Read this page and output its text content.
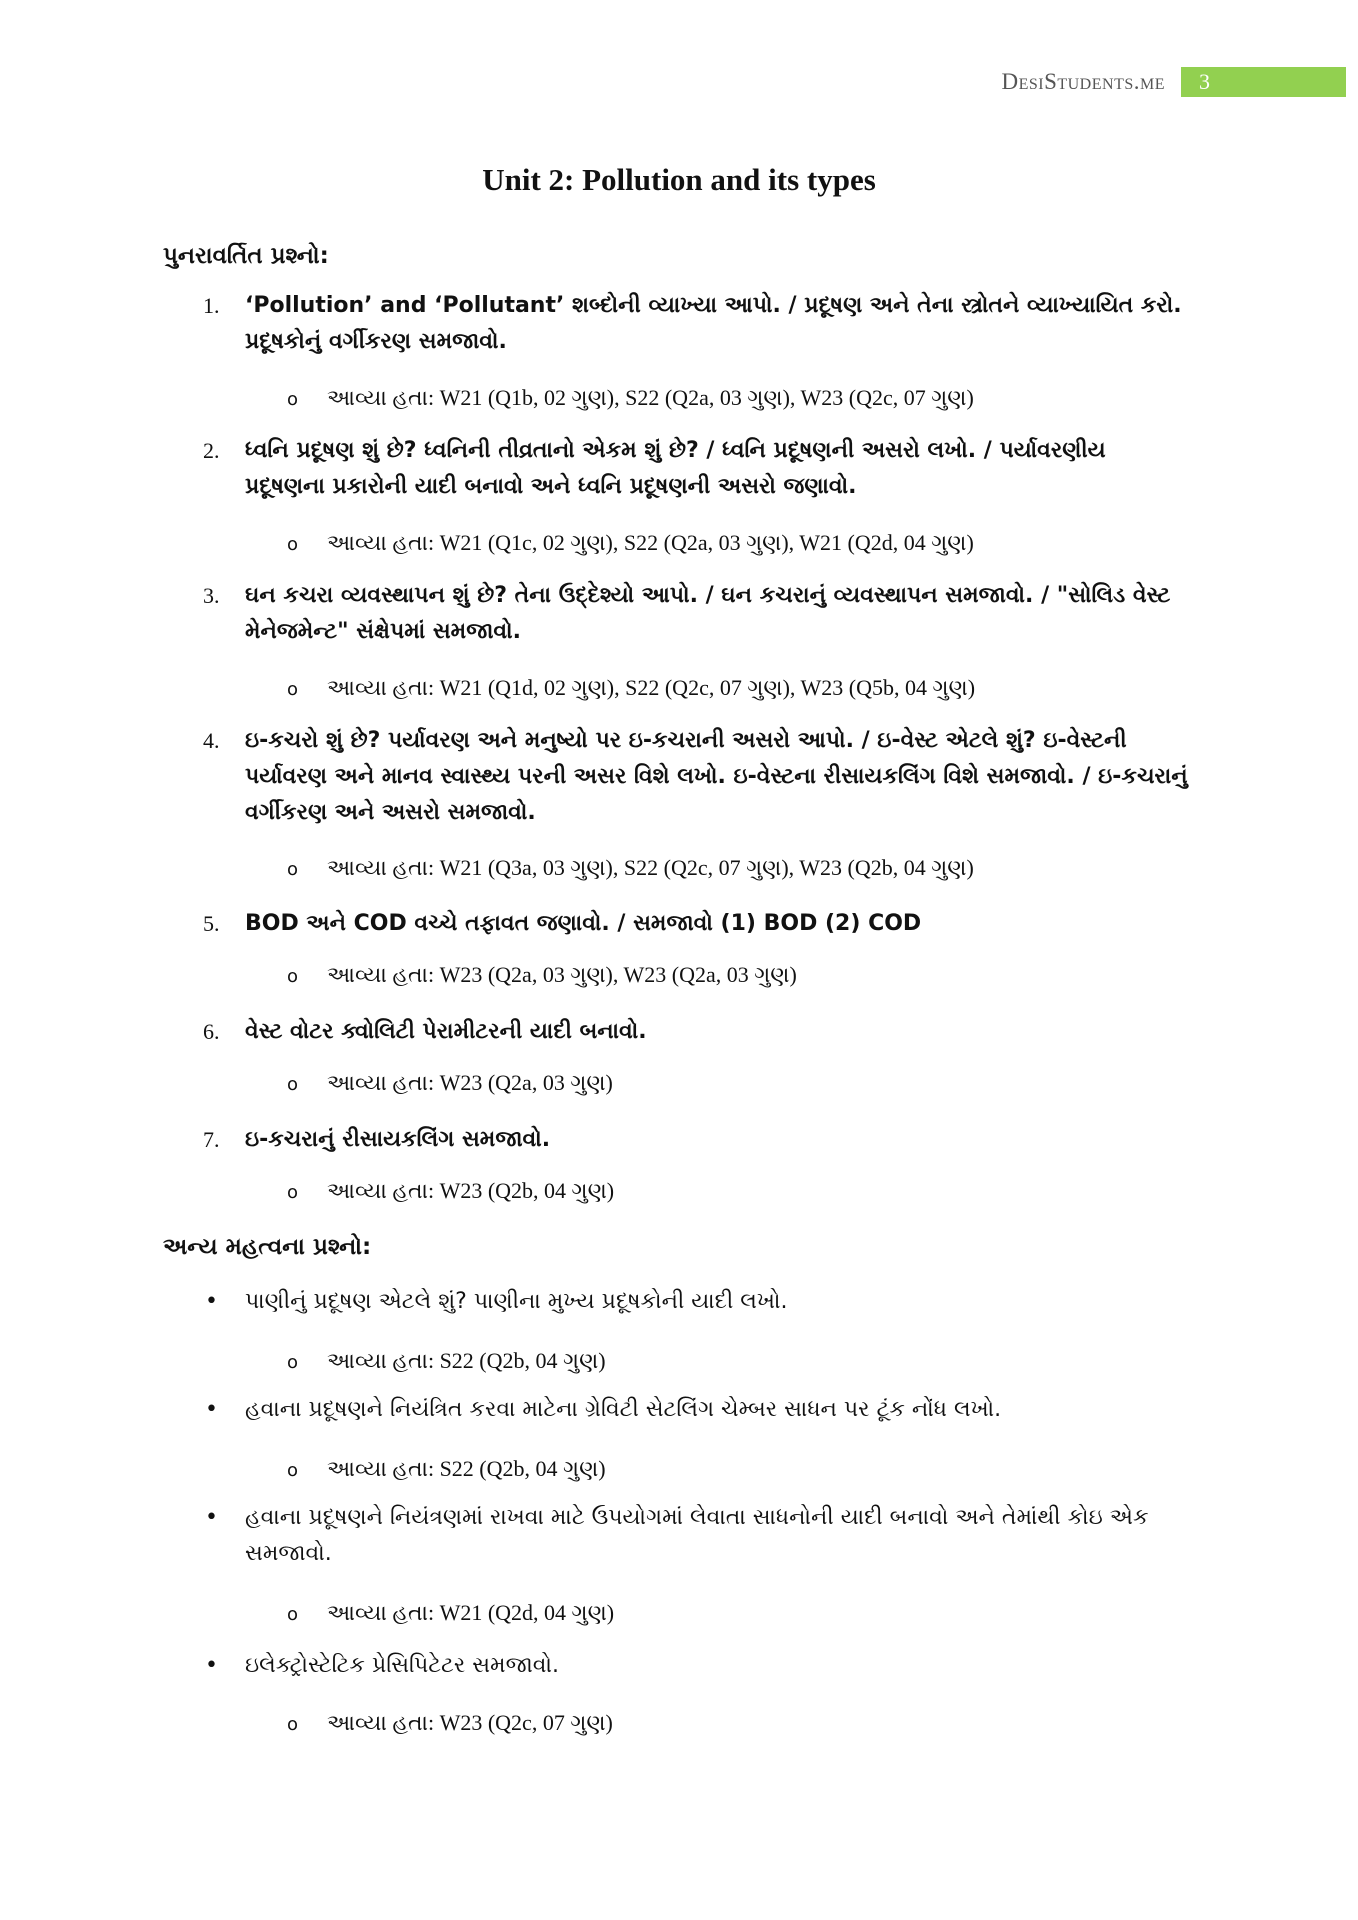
DesiStudents.me	3
Unit 2: Pollution and its types
પુનરાવર્તિત પ્રશ્નો:
1. ‘Pollution’ and ‘Pollutant’ શબ્દોની વ્યાખ્યા આપો. / પ્રદૂષણ અને તેના સ્ત્રોતને વ્યાખ્યાયિત કરો. પ્રદૂષકોનું વર્ગીકરણ સમજાવો.
o આવ્યા હતા: W21 (Q1b, 02 ગુણ), S22 (Q2a, 03 ગુણ), W23 (Q2c, 07 ગુણ)
2. ધ્વનિ પ્રદૂષણ શું છે? ધ્વનિની તીવ્રતાનો એકમ શું છે? / ધ્વનિ પ્રદૂષણની અસરો લખો. / પર્યાવરણીય પ્રદૂષણના પ્રકારોની યાદી બનાવો અને ધ્વનિ પ્રદૂષણની અસરો જણાવો.
o આવ્યા હતા: W21 (Q1c, 02 ગુણ), S22 (Q2a, 03 ગુણ), W21 (Q2d, 04 ગુણ)
3. ઘન કચરા વ્યવસ્થાપન શું છે? તેના ઉદ્દેશ્યો આપો. / ઘન કચરાનું વ્યવસ્થાપન સમજાવો. / "સોલિડ વેસ્ટ મેનેજમેન્ટ" સંક્ષેપમાં સમજાવો.
o આવ્યા હતા: W21 (Q1d, 02 ગુણ), S22 (Q2c, 07 ગુણ), W23 (Q5b, 04 ગુણ)
4. ઇ-કચરો શું છે? પર્યાવરણ અને મનુષ્યો પર ઇ-કચરાની અસરો આપો. / ઇ-વેસ્ટ એટલે શું? ઇ-વેસ્ટની પર્યાવરણ અને માનવ સ્વાસ્થ્ય પરની અસર વિશે લખો. ઇ-વેસ્ટના રીસાયકલિંગ વિશે સમજાવો. / ઇ-કચરાનું વર્ગીકરણ અને અસરો સમજાવો.
o આવ્યા હતા: W21 (Q3a, 03 ગુણ), S22 (Q2c, 07 ગુણ), W23 (Q2b, 04 ગુણ)
5. BOD અને COD વચ્ચે તફાવત જણાવો. / સમજાવો (1) BOD (2) COD
o આવ્યા હતા: W23 (Q2a, 03 ગુણ), W23 (Q2a, 03 ગુણ)
6. વેસ્ટ વોટર ક્વોલિટી પેરામીટરની યાદી બનાવો.
o આવ્યા હતા: W23 (Q2a, 03 ગુણ)
7. ઇ-કચરાનું રીસાયકલિંગ સમજાવો.
o આવ્યા હતા: W23 (Q2b, 04 ગુણ)
અન્ય મહત્વના પ્રશ્નો:
• પાણીનું પ્રદૂષણ એટલે શું? પાણીના મુખ્ય પ્રદૂષકોની યાદી લખો.
o આવ્યા હતા: S22 (Q2b, 04 ગુણ)
• હવાના પ્રદૂષણને નિયંત્રિત કરવા માટેના ગ્રેવિટી સેટલિંગ ચેમ્બર સાધન પર ટૂંક નોંધ લખો.
o આવ્યા હતા: S22 (Q2b, 04 ગુણ)
• હવાના પ્રદૂષણને નિયંત્રણમાં રાખવા માટે ઉપયોગમાં લેવાતા સાધનોની યાદી બનાવો અને તેમાંથી કોઇ એક સમજાવો.
o આવ્યા હતા: W21 (Q2d, 04 ગુણ)
• ઇલેક્ટ્રોસ્ટેટિક પ્રેસિપિટેટર સમજાવો.
o આવ્યા હતા: W23 (Q2c, 07 ગુણ)
